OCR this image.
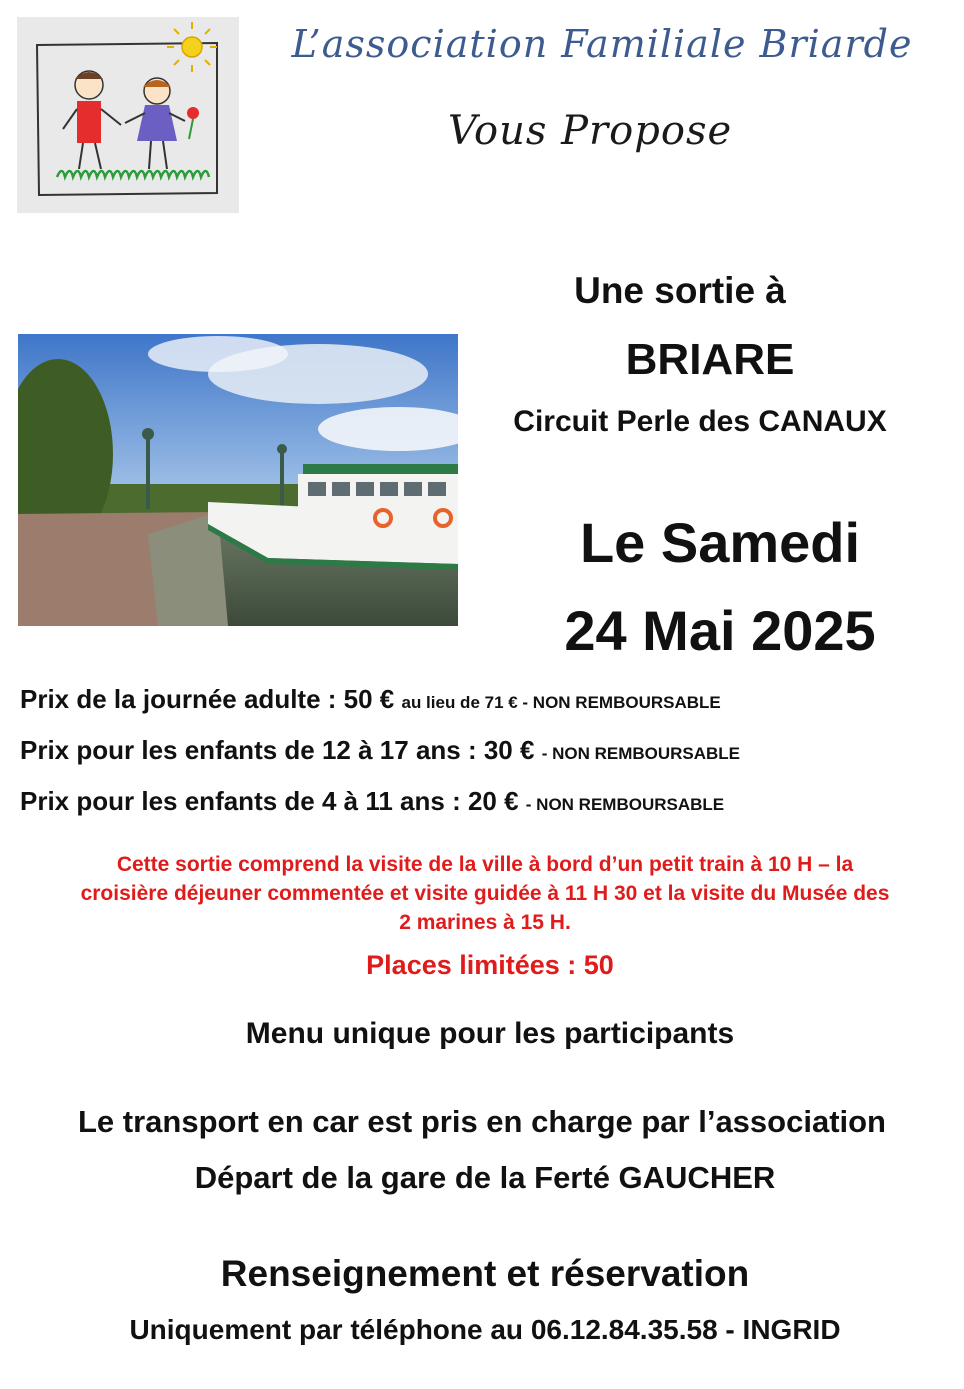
L’association Familiale Briarde
Vous Propose
Une sortie à
BRIARE
Circuit Perle des CANAUX
Le Samedi
24 Mai 2025
Prix de la journée adulte : 50 € au lieu de 71 € - NON REMBOURSABLE
Prix pour les enfants de 12 à 17 ans : 30 € - NON REMBOURSABLE
Prix pour les enfants de 4 à 11 ans : 20 € - NON REMBOURSABLE
Cette sortie comprend la visite de la ville à bord d’un petit train à 10 H – la
croisière déjeuner commentée et visite guidée à 11 H 30 et la visite du Musée des
2 marines à 15 H.
Places limitées : 50
Menu unique pour les participants
Le transport en car est pris en charge par l’association
Départ de la gare de la Ferté GAUCHER
Renseignement et réservation
Uniquement par téléphone au 06.12.84.35.58 - INGRID
